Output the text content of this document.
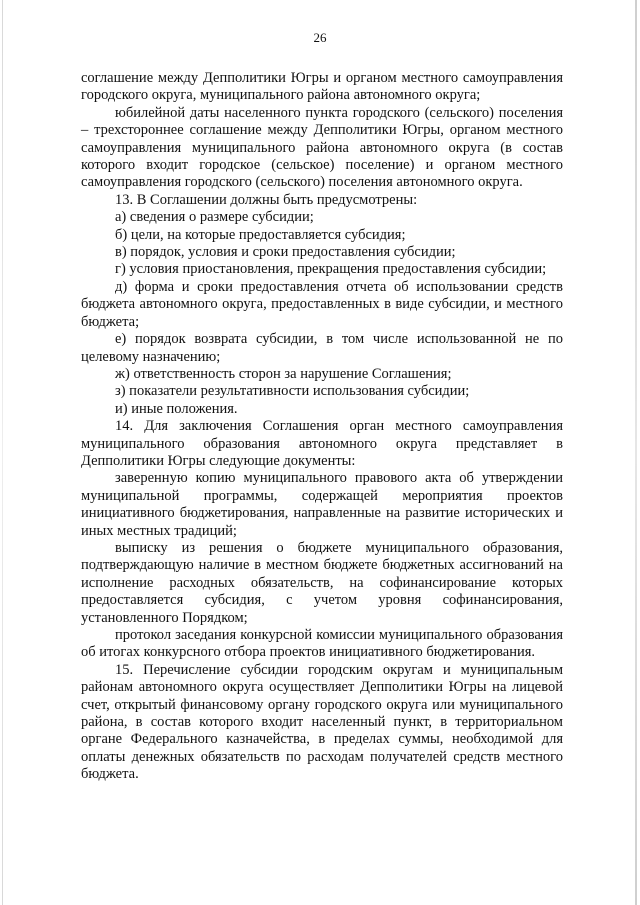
26

соглашение между Депполитики Югры и органом местного самоуправления городского округа, муниципального района автономного округа;

юбилейной даты населенного пункта городского (сельского) поселения – трехстороннее соглашение между Депполитики Югры, органом местного самоуправления муниципального района автономного округа (в состав которого входит городское (сельское) поселение) и органом местного самоуправления городского (сельского) поселения автономного округа.

13. В Соглашении должны быть предусмотрены:

а) сведения о размере субсидии;

б) цели, на которые предоставляется субсидия;

в) порядок, условия и сроки предоставления субсидии;

г) условия приостановления, прекращения предоставления субсидии;

д) форма и сроки предоставления отчета об использовании средств бюджета автономного округа, предоставленных в виде субсидии, и местного бюджета;

е) порядок возврата субсидии, в том числе использованной не по целевому назначению;

ж) ответственность сторон за нарушение Соглашения;

з) показатели результативности использования субсидии;

и) иные положения.

14. Для заключения Соглашения орган местного самоуправления муниципального образования автономного округа представляет в Депполитики Югры следующие документы:

заверенную копию муниципального правового акта об утверждении муниципальной программы, содержащей мероприятия проектов инициативного бюджетирования, направленные на развитие исторических и иных местных традиций;

выписку из решения о бюджете муниципального образования, подтверждающую наличие в местном бюджете бюджетных ассигнований на исполнение расходных обязательств, на софинансирование которых предоставляется субсидия, с учетом уровня софинансирования, установленного Порядком;

протокол заседания конкурсной комиссии муниципального образования об итогах конкурсного отбора проектов инициативного бюджетирования.

15. Перечисление субсидии городским округам и муниципальным районам автономного округа осуществляет Депполитики Югры на лицевой счет, открытый финансовому органу городского округа или муниципального района, в состав которого входит населенный пункт, в территориальном органе Федерального казначейства, в пределах суммы, необходимой для оплаты денежных обязательств по расходам получателей средств местного бюджета.
